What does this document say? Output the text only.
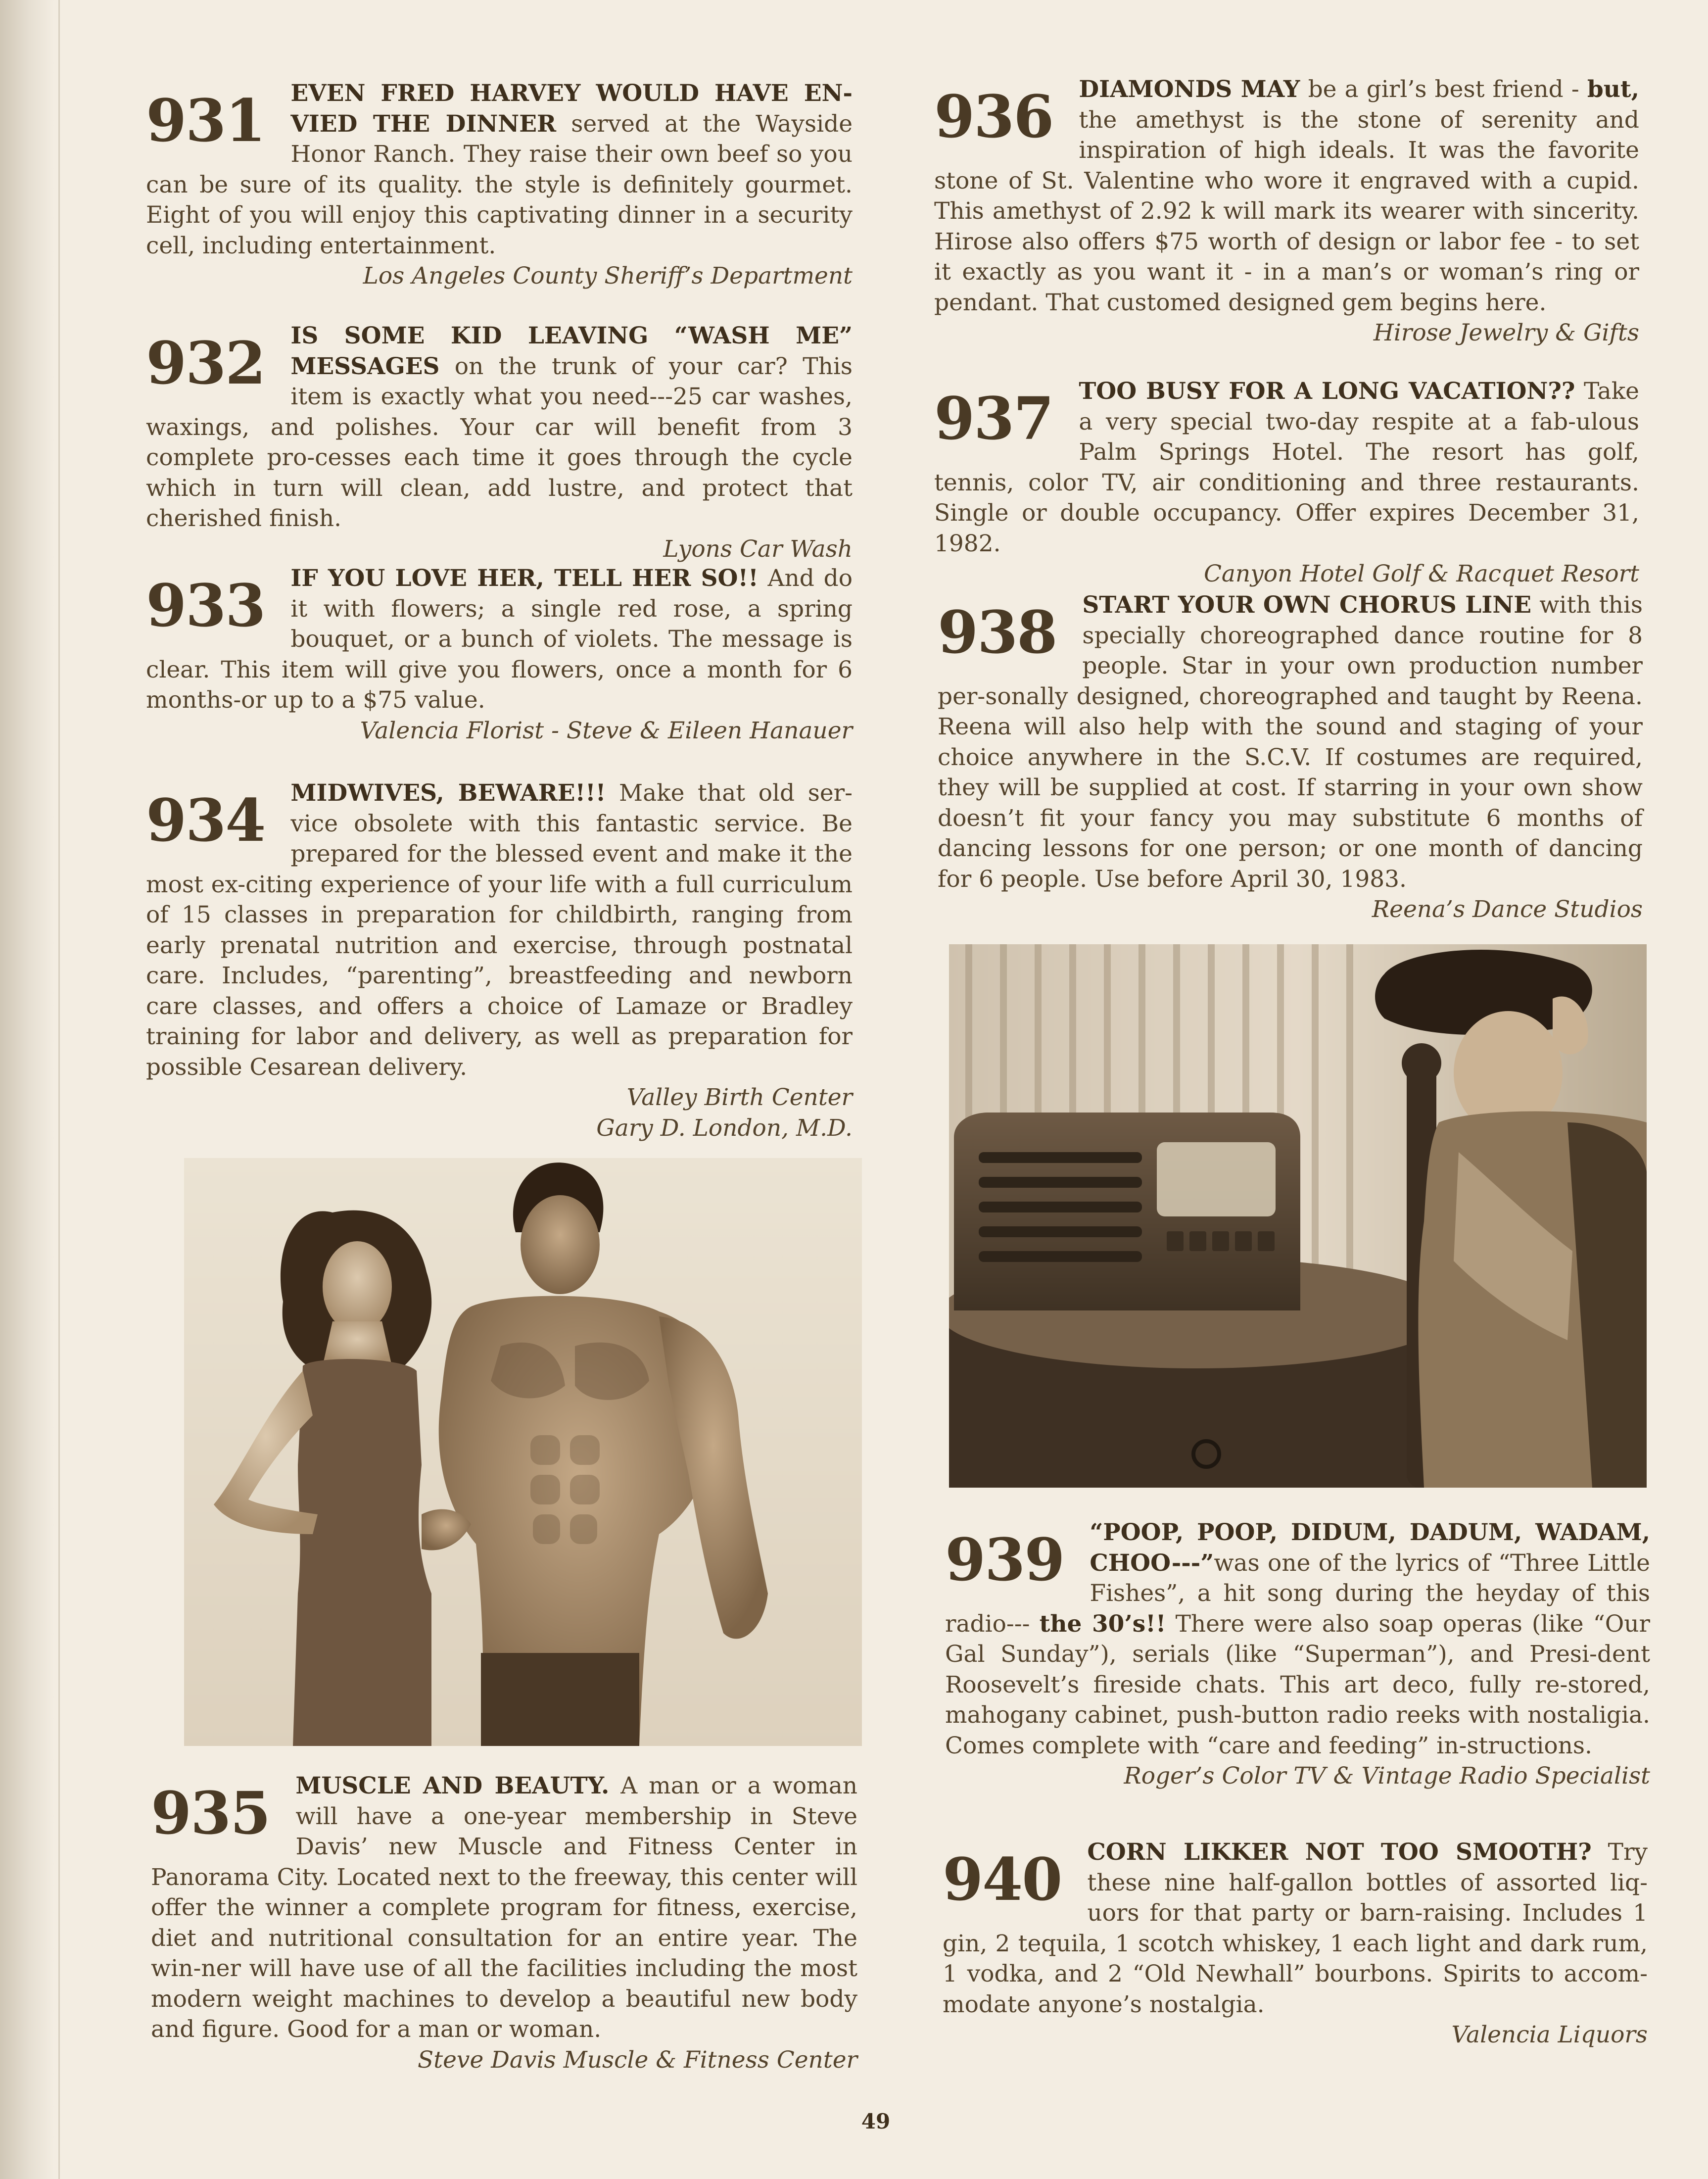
931	EVEN FRED HARVEY WOULD HAVE EN-VIED THE DINNER served at the Wayside Honor Ranch. They raise their own beef so you can be sure of its quality. the style is definitely gourmet. Eight of you will enjoy this captivating dinner in a security cell, including entertainment.
Los Angeles County Sheriff’s Department
932	IS SOME KID LEAVING “WASH ME” MESSAGES on the trunk of your car? This item is exactly what you need---25 car washes, waxings, and polishes. Your car will benefit from 3 complete pro-cesses each time it goes through the cycle which in turn will clean, add lustre, and protect that cherished finish.
Lyons Car Wash
933	IF YOU LOVE HER, TELL HER SO!! And do it with flowers; a single red rose, a spring bouquet, or a bunch of violets. The message is clear. This item will give you flowers, once a month for 6 months-or up to a $75 value.
Valencia Florist - Steve & Eileen Hanauer
934	MIDWIVES, BEWARE!!! Make that old ser-vice obsolete with this fantastic service. Be prepared for the blessed event and make it the most ex-citing experience of your life with a full curriculum of 15 classes in preparation for childbirth, ranging from early prenatal nutrition and exercise, through postnatal care. Includes, “parenting”, breastfeeding and newborn care classes, and offers a choice of Lamaze or Bradley training for labor and delivery, as well as preparation for possible Cesarean delivery.
Valley Birth Center
Gary D. London, M.D.
935	MUSCLE AND BEAUTY. A man or a woman will have a one-year membership in Steve Davis’ new Muscle and Fitness Center in Panorama City. Located next to the freeway, this center will offer the winner a complete program for fitness, exercise, diet and nutritional consultation for an entire year. The win-ner will have use of all the facilities including the most modern weight machines to develop a beautiful new body and figure. Good for a man or woman.
Steve Davis Muscle & Fitness Center
936	DIAMONDS MAY be a girl’s best friend - but, the amethyst is the stone of serenity and inspiration of high ideals. It was the favorite stone of St. Valentine who wore it engraved with a cupid. This amethyst of 2.92 k will mark its wearer with sincerity. Hirose also offers $75 worth of design or labor fee - to set it exactly as you want it - in a man’s or woman’s ring or pendant. That customed designed gem begins here.
Hirose Jewelry & Gifts
937	TOO BUSY FOR A LONG VACATION?? Take a very special two-day respite at a fab-ulous Palm Springs Hotel. The resort has golf, tennis, color TV, air conditioning and three restaurants. Single or double occupancy. Offer expires December 31, 1982.
Canyon Hotel Golf & Racquet Resort
938	START YOUR OWN CHORUS LINE with this specially choreographed dance routine for 8 people. Star in your own production number per-sonally designed, choreographed and taught by Reena. Reena will also help with the sound and staging of your choice anywhere in the S.C.V. If costumes are required, they will be supplied at cost. If starring in your own show doesn’t fit your fancy you may substitute 6 months of dancing lessons for one person; or one month of dancing for 6 people. Use before April 30, 1983.
Reena’s Dance Studios
939	“POOP, POOP, DIDUM, DADUM, WADAM, CHOO---”was one of the lyrics of “Three Little Fishes”, a hit song during the heyday of this radio--- the 30’s!! There were also soap operas (like “Our Gal Sunday”), serials (like “Superman”), and Presi-dent Roosevelt’s fireside chats. This art deco, fully re-stored, mahogany cabinet, push-button radio reeks with nostaligia. Comes complete with “care and feeding” in-structions.
Roger’s Color TV & Vintage Radio Specialist
940	CORN LIKKER NOT TOO SMOOTH? Try these nine half-gallon bottles of assorted liq-uors for that party or barn-raising. Includes 1 gin, 2 tequila, 1 scotch whiskey, 1 each light and dark rum, 1 vodka, and 2 “Old Newhall” bourbons. Spirits to accom-modate anyone’s nostalgia.
Valencia Liquors
49
